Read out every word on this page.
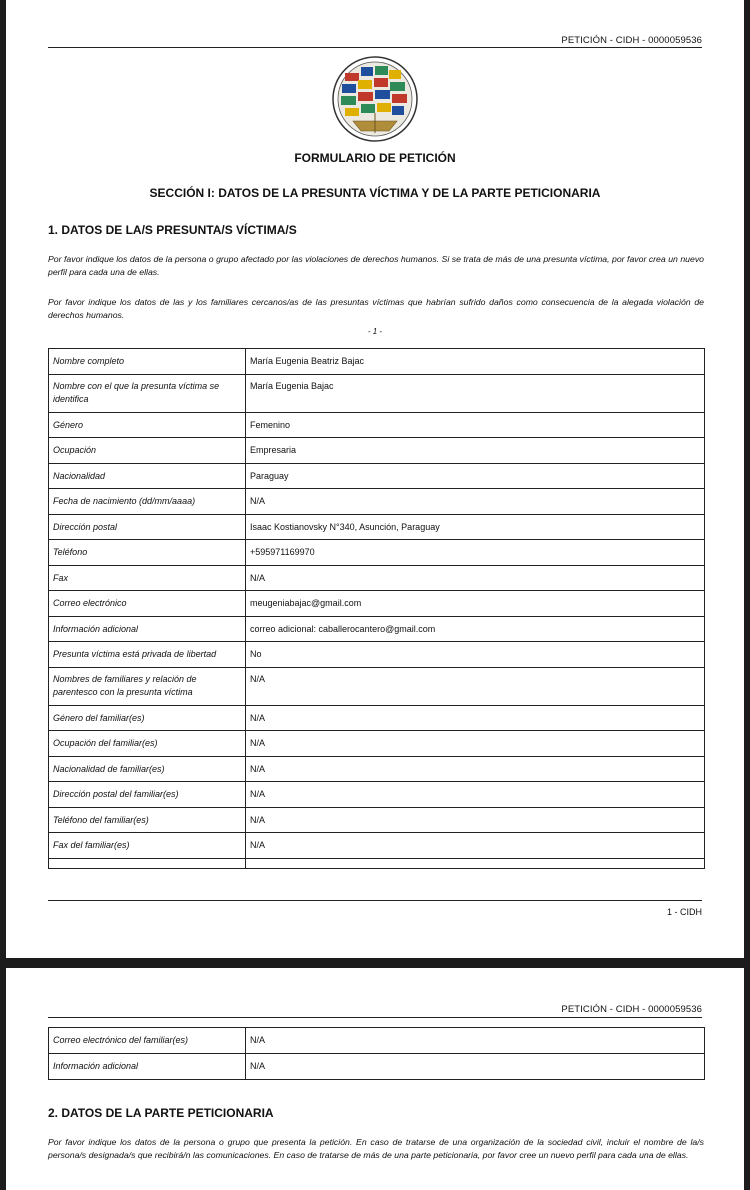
PETICIÓN - CIDH - 0000059536
FORMULARIO DE PETICIÓN
SECCIÓN I: DATOS DE LA PRESUNTA VÍCTIMA Y DE LA PARTE PETICIONARIA
1. DATOS DE LA/S PRESUNTA/S VÍCTIMA/S
Por favor indique los datos de la persona o grupo afectado por las violaciones de derechos humanos. Si se trata de más de una presunta víctima, por favor crea un nuevo perfil para cada una de ellas.
Por favor indique los datos de las y los familiares cercanos/as de las presuntas víctimas que habrían sufrido daños como consecuencia de la alegada violación de derechos humanos.
- 1 -
Nombre completo	María Eugenia Beatriz Bajac
Nombre con el que la presunta víctima se identifica	María Eugenia Bajac
Género	Femenino
Ocupación	Empresaria
Nacionalidad	Paraguay
Fecha de nacimiento (dd/mm/aaaa)	N/A
Dirección postal	Isaac Kostianovsky N°340, Asunción, Paraguay
Teléfono	+595971169970
Fax	N/A
Correo electrónico	meugeniabajac@gmail.com
Información adicional	correo adicional: caballerocantero@gmail.com
Presunta víctima está privada de libertad	No
Nombres de familiares y relación de parentesco con la presunta víctima	N/A
Género del familiar(es)	N/A
Ocupación del familiar(es)	N/A
Nacionalidad de familiar(es)	N/A
Dirección postal del familiar(es)	N/A
Teléfono del familiar(es)	N/A
Fax del familiar(es)	N/A

1 - CIDH
PETICIÓN - CIDH - 0000059536
Correo electrónico del familiar(es)	N/A
Información adicional	N/A
2. DATOS DE LA PARTE PETICIONARIA
Por favor indique los datos de la persona o grupo que presenta la petición. En caso de tratarse de una organización de la sociedad civil, incluir el nombre de la/s persona/s designada/s que recibirá/n las comunicaciones. En caso de tratarse de más de una parte peticionaria, por favor cree un nuevo perfil para cada una de ellas.
